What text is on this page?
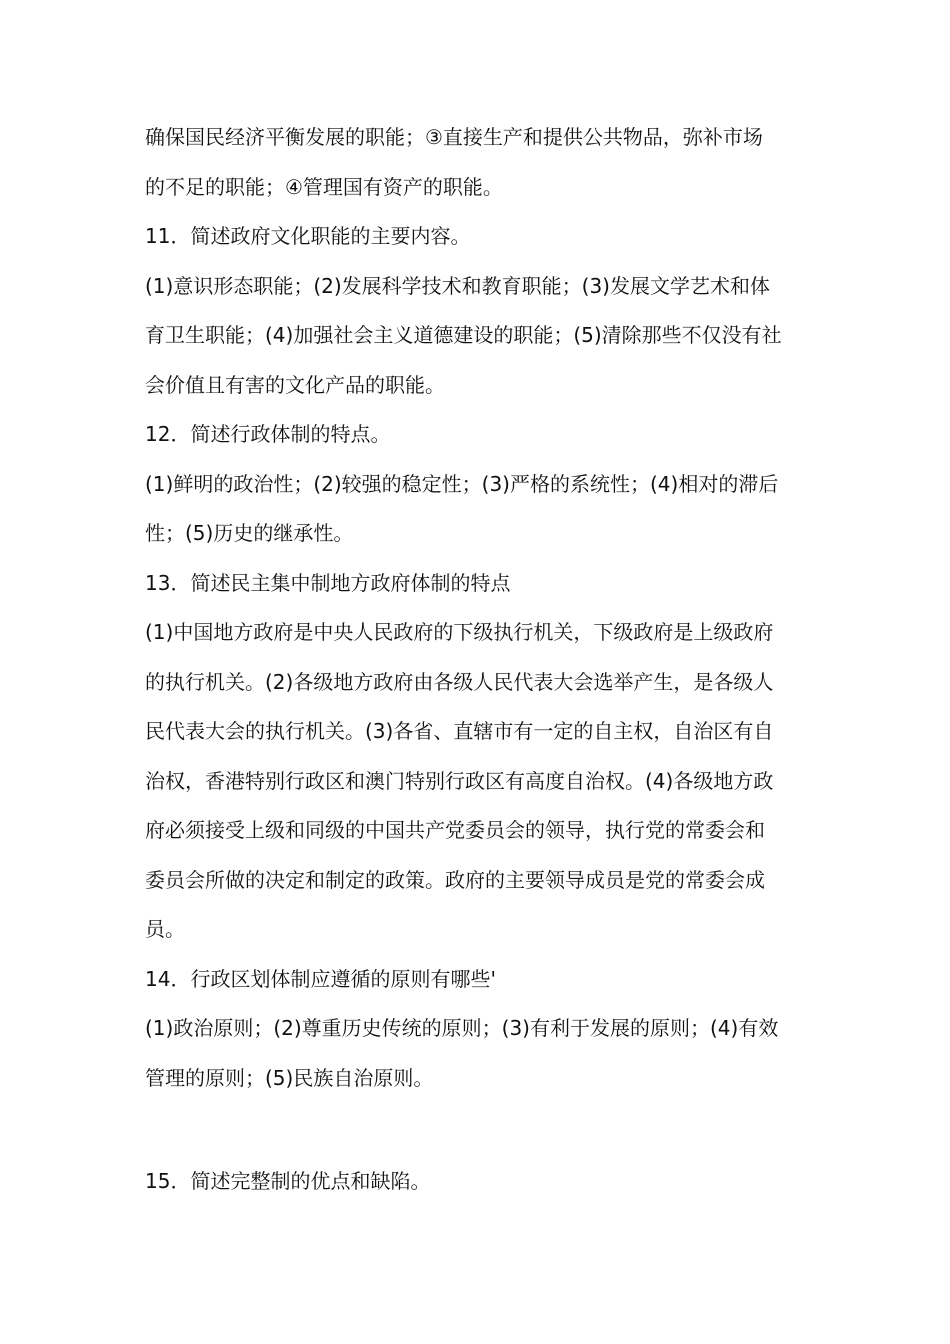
确保国民经济平衡发展的职能；③直接生产和提供公共物品，弥补市场
的不足的职能；④管理国有资产的职能。
11．简述政府文化职能的主要内容。
(1)意识形态职能；(2)发展科学技术和教育职能；(3)发展文学艺术和体
育卫生职能；(4)加强社会主义道德建设的职能；(5)清除那些不仅没有社
会价值且有害的文化产品的职能。
12．简述行政体制的特点。
(1)鲜明的政治性；(2)较强的稳定性；(3)严格的系统性；(4)相对的滞后
性；(5)历史的继承性。
13．简述民主集中制地方政府体制的特点
(1)中国地方政府是中央人民政府的下级执行机关，下级政府是上级政府
的执行机关。(2)各级地方政府由各级人民代表大会选举产生，是各级人
民代表大会的执行机关。(3)各省、直辖市有一定的自主权，自治区有自
治权，香港特别行政区和澳门特别行政区有高度自治权。(4)各级地方政
府必须接受上级和同级的中国共产党委员会的领导，执行党的常委会和
委员会所做的决定和制定的政策。政府的主要领导成员是党的常委会成
员。
14．行政区划体制应遵循的原则有哪些'
(1)政治原则；(2)尊重历史传统的原则；(3)有利于发展的原则；(4)有效
管理的原则；(5)民族自治原则。
15．简述完整制的优点和缺陷。
